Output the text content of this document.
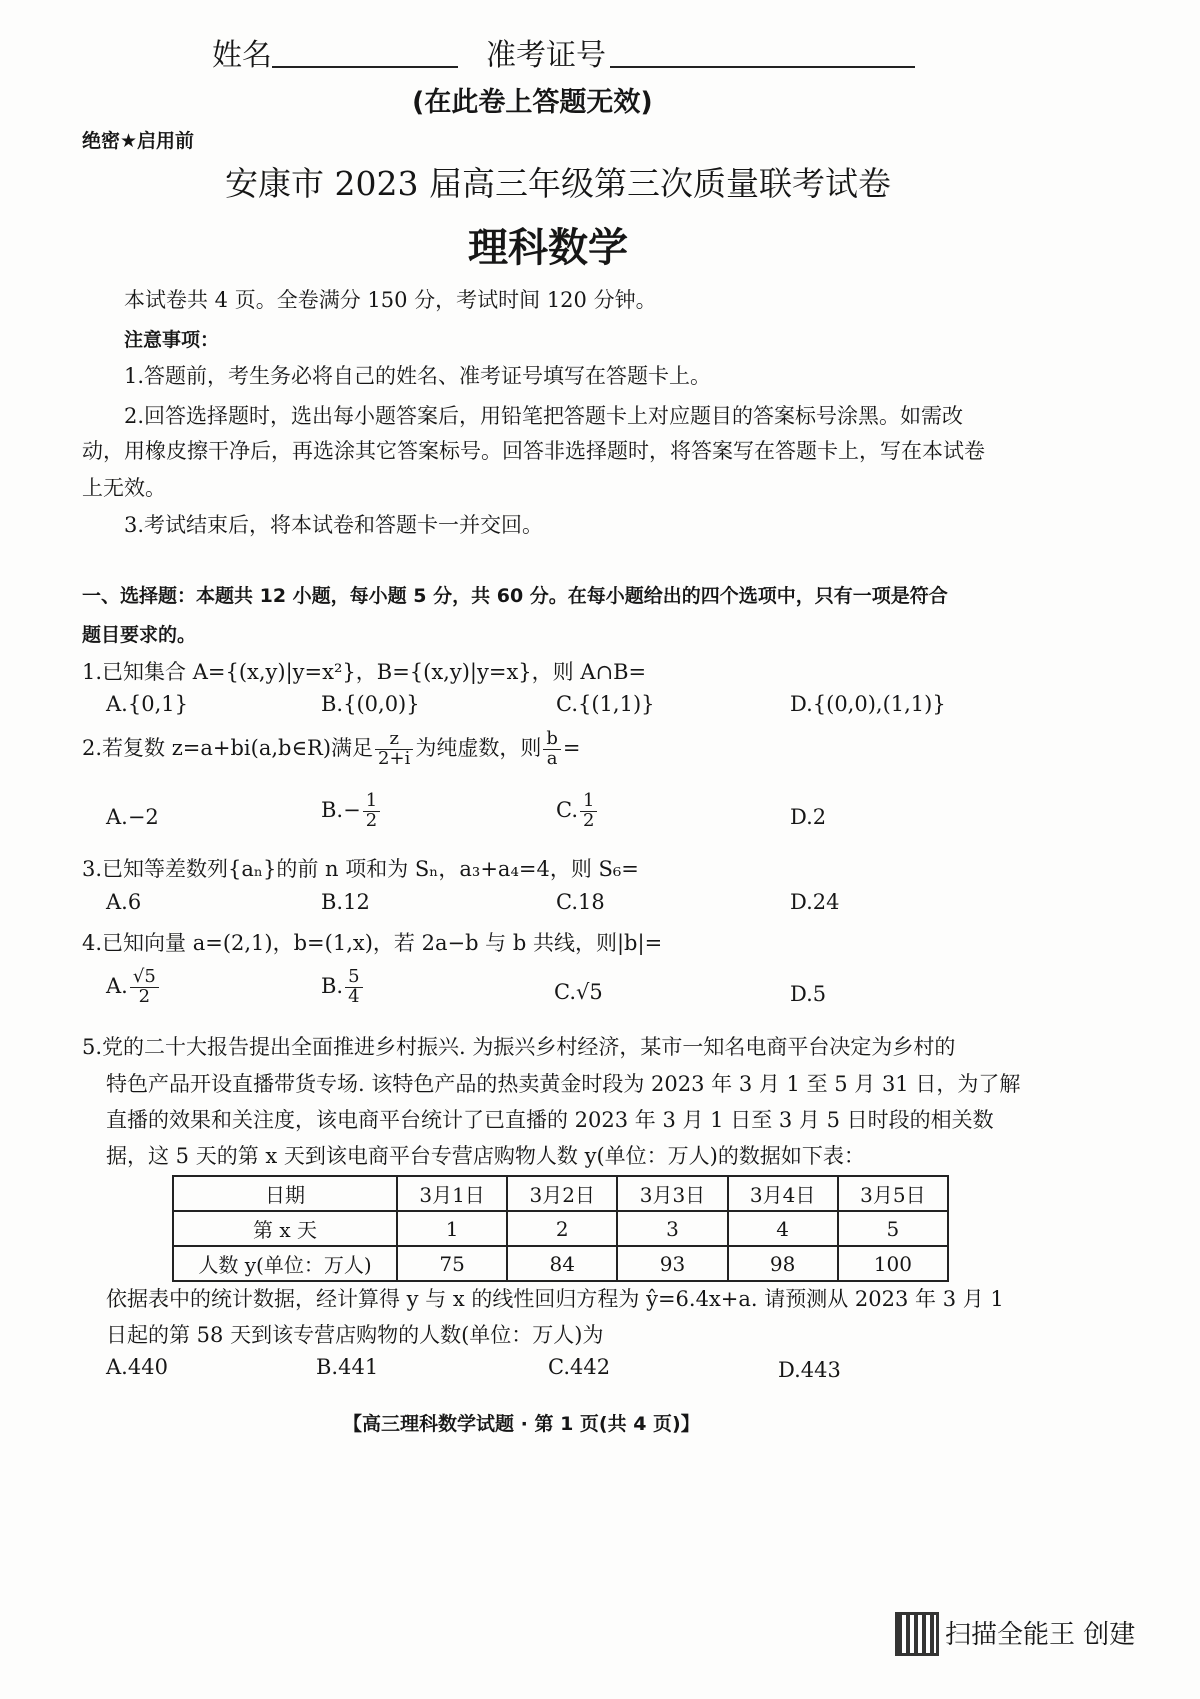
姓名	准考证号
(在此卷上答题无效)
绝密★启用前
安康市 2023 届高三年级第三次质量联考试卷
理科数学
本试卷共 4 页。全卷满分 150 分，考试时间 120 分钟。
注意事项：
1.答题前，考生务必将自己的姓名、准考证号填写在答题卡上。
2.回答选择题时，选出每小题答案后，用铅笔把答题卡上对应题目的答案标号涂黑。如需改
动，用橡皮擦干净后，再选涂其它答案标号。回答非选择题时，将答案写在答题卡上，写在本试卷
上无效。
3.考试结束后，将本试卷和答题卡一并交回。
一、选择题：本题共 12 小题，每小题 5 分，共 60 分。在每小题给出的四个选项中，只有一项是符合
题目要求的。
1.已知集合 A={(x,y)|y=x²}，B={(x,y)|y=x}，则 A∩B=
A.{0,1}	B.{(0,0)}	C.{(1,1)}	D.{(0,0),(1,1)}
2.若复数 z=a+bi(a,b∈R)满足 $\frac{z}{2+i}$ 为纯虚数，则 $\frac{b}{a}$ =
A.−2	$B.- \frac{1}{2}$	C. $\frac{1}{2}$	D.2
3.已知等差数列{aₙ}的前 n 项和为 Sₙ，a₃+a₄=4，则 S₆=
A.6	B.12	C.18	D.24
4.已知向量 a=(2,1)，b=(1,x)，若 2a−b 与 b 共线，则|b|=
A. $\frac{√5}{2}$	B. $\frac{5}{4}$	C.√5	D.5
5.党的二十大报告提出全面推进乡村振兴. 为振兴乡村经济，某市一知名电商平台决定为乡村的
特色产品开设直播带货专场. 该特色产品的热卖黄金时段为 2023 年 3 月 1 至 5 月 31 日，为了解
直播的效果和关注度，该电商平台统计了已直播的 2023 年 3 月 1 日至 3 月 5 日时段的相关数
据，这 5 天的第 x 天到该电商平台专营店购物人数 y(单位：万人)的数据如下表：
日期	3月1日	3月2日	3月3日	3月4日	3月5日
第 x 天	1	2	3	4	5
人数 y(单位：万人)	75	84	93	98	100
依据表中的统计数据，经计算得 y 与 x 的线性回归方程为 ŷ=6.4x+a. 请预测从 2023 年 3 月 1
日起的第 58 天到该专营店购物的人数(单位：万人)为
A.440	B.441	C.442	D.443
【高三理科数学试题 · 第 1 页(共 4 页)】
扫描全能王 创建
